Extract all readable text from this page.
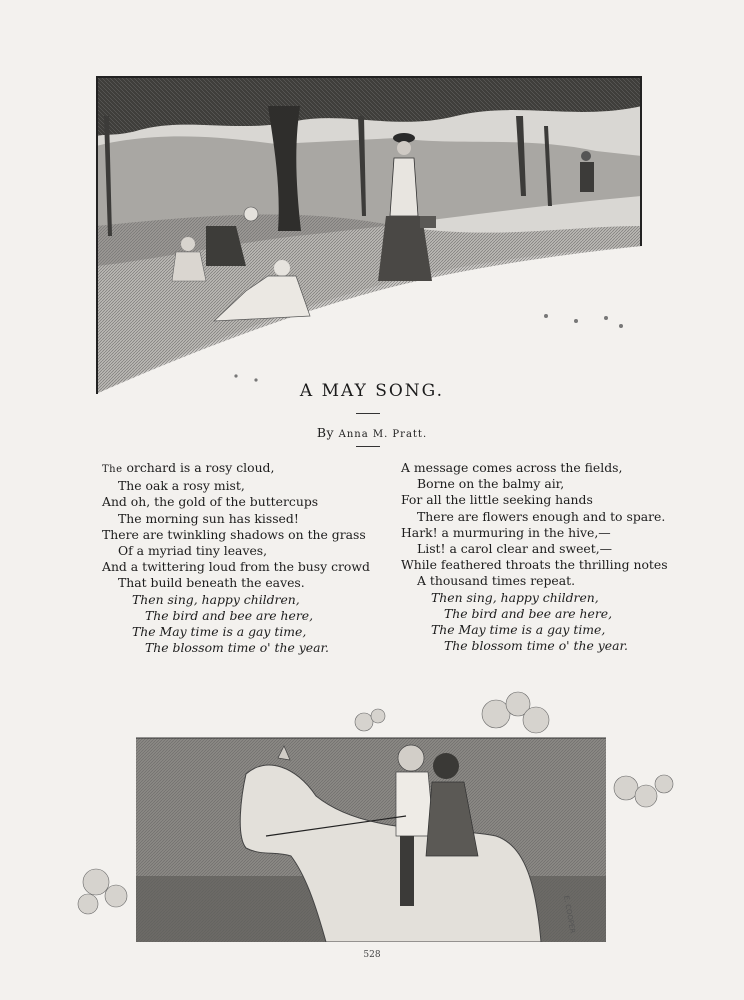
A MAY SONG.
By Anna M. Pratt.
The orchard is a rosy cloud,
The oak a rosy mist,
And oh, the gold of the buttercups
The morning sun has kissed!
There are twinkling shadows on the grass
Of a myriad tiny leaves,
And a twittering loud from the busy crowd
That build beneath the eaves.
Then sing, happy children,
The bird and bee are here,
The May time is a gay time,
The blossom time o' the year.
A message comes across the fields,
Borne on the balmy air,
For all the little seeking hands
There are flowers enough and to spare.
Hark! a murmuring in the hive,—
List! a carol clear and sweet,—
While feathered throats the thrilling notes
A thousand times repeat.
Then sing, happy children,
The bird and bee are here,
The May time is a gay time,
The blossom time o' the year.
E. COOPER
528
